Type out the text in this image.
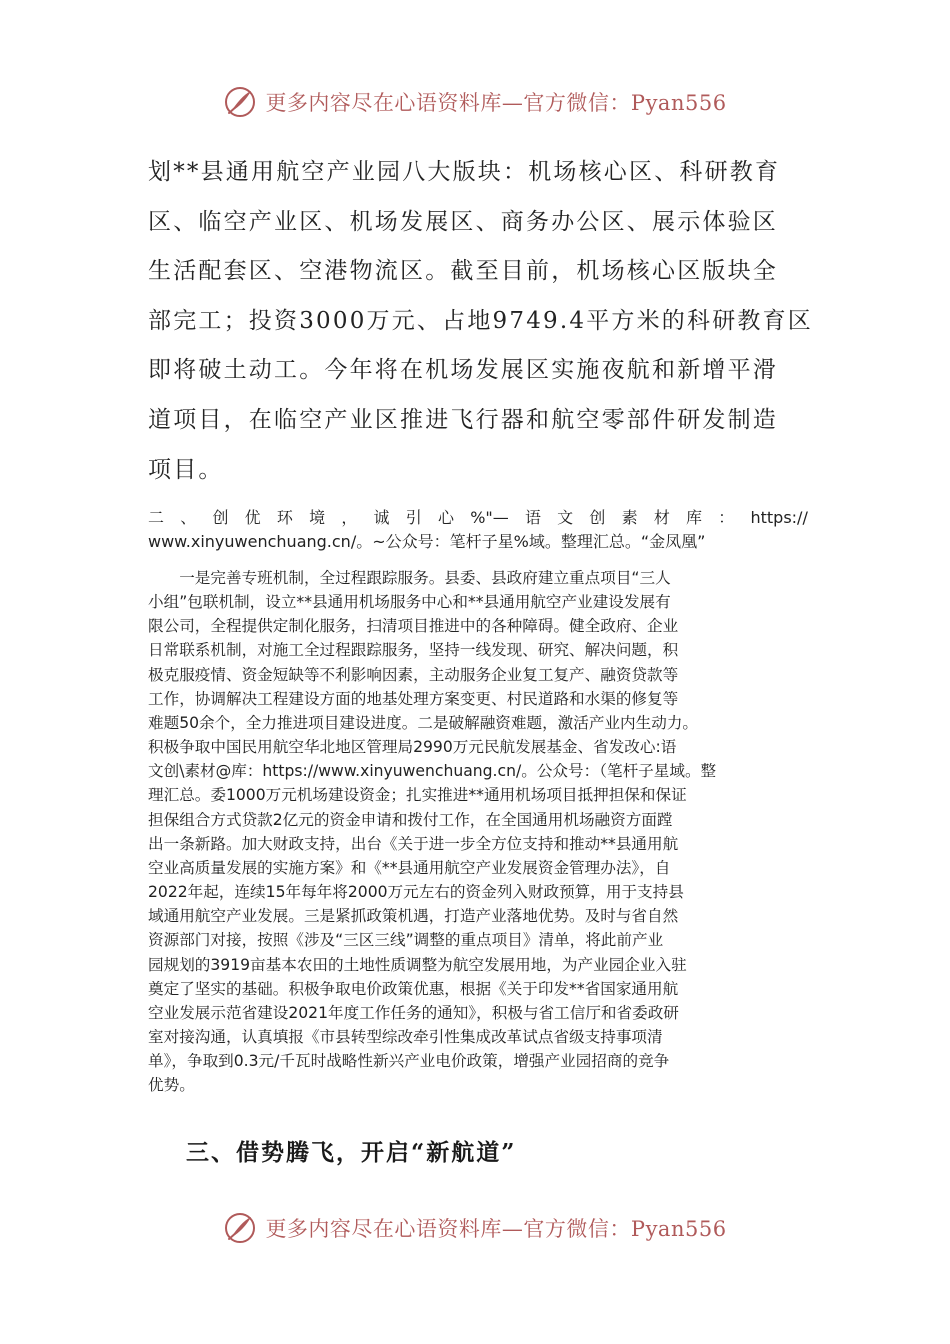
更多内容尽在心语资料库—官方微信：Pyan556
划**县通用航空产业园八大版块：机场核心区、科研教育
区、临空产业区、机场发展区、商务办公区、展示体验区
生活配套区、空港物流区。截至目前，机场核心区版块全
部完工；投资3000万元、占地9749.4平方米的科研教育区
即将破土动工。今年将在机场发展区实施夜航和新增平滑
道项目，在临空产业区推进飞行器和航空零部件研发制造
项目。
二 、 创 优 环 境 ， 诚 引 心 %"— 语 文 创 素 材 库 ： https://
www.xinyuwenchuang.cn/。~公众号：笔杆子星%域。整理汇总。“金凤凰”
　　一是完善专班机制，全过程跟踪服务。县委、县政府建立重点项目“三人
小组”包联机制，设立**县通用机场服务中心和**县通用航空产业建设发展有
限公司，全程提供定制化服务，扫清项目推进中的各种障碍。健全政府、企业
日常联系机制，对施工全过程跟踪服务，坚持一线发现、研究、解决问题，积
极克服疫情、资金短缺等不利影响因素，主动服务企业复工复产、融资贷款等
工作，协调解决工程建设方面的地基处理方案变更、村民道路和水渠的修复等
难题50余个，全力推进项目建设进度。二是破解融资难题，激活产业内生动力。
积极争取中国民用航空华北地区管理局2990万元民航发展基金、省发改心:语
文创\素材@库：https://www.xinyuwenchuang.cn/。公众号：（笔杆子星域。整
理汇总。委1000万元机场建设资金；扎实推进**通用机场项目抵押担保和保证
担保组合方式贷款2亿元的资金申请和拨付工作，在全国通用机场融资方面蹚
出一条新路。加大财政支持，出台《关于进一步全方位支持和推动**县通用航
空业高质量发展的实施方案》和《**县通用航空产业发展资金管理办法》，自
2022年起，连续15年每年将2000万元左右的资金列入财政预算，用于支持县
域通用航空产业发展。三是紧抓政策机遇，打造产业落地优势。及时与省自然
资源部门对接，按照《涉及“三区三线”调整的重点项目》清单，将此前产业
园规划的3919亩基本农田的土地性质调整为航空发展用地，为产业园企业入驻
奠定了坚实的基础。积极争取电价政策优惠，根据《关于印发**省国家通用航
空业发展示范省建设2021年度工作任务的通知》，积极与省工信厅和省委政研
室对接沟通，认真填报《市县转型综改牵引性集成改革试点省级支持事项清
单》，争取到0.3元/千瓦时战略性新兴产业电价政策，增强产业园招商的竞争
优势。
三、借势腾飞，开启“新航道”
更多内容尽在心语资料库—官方微信：Pyan556
